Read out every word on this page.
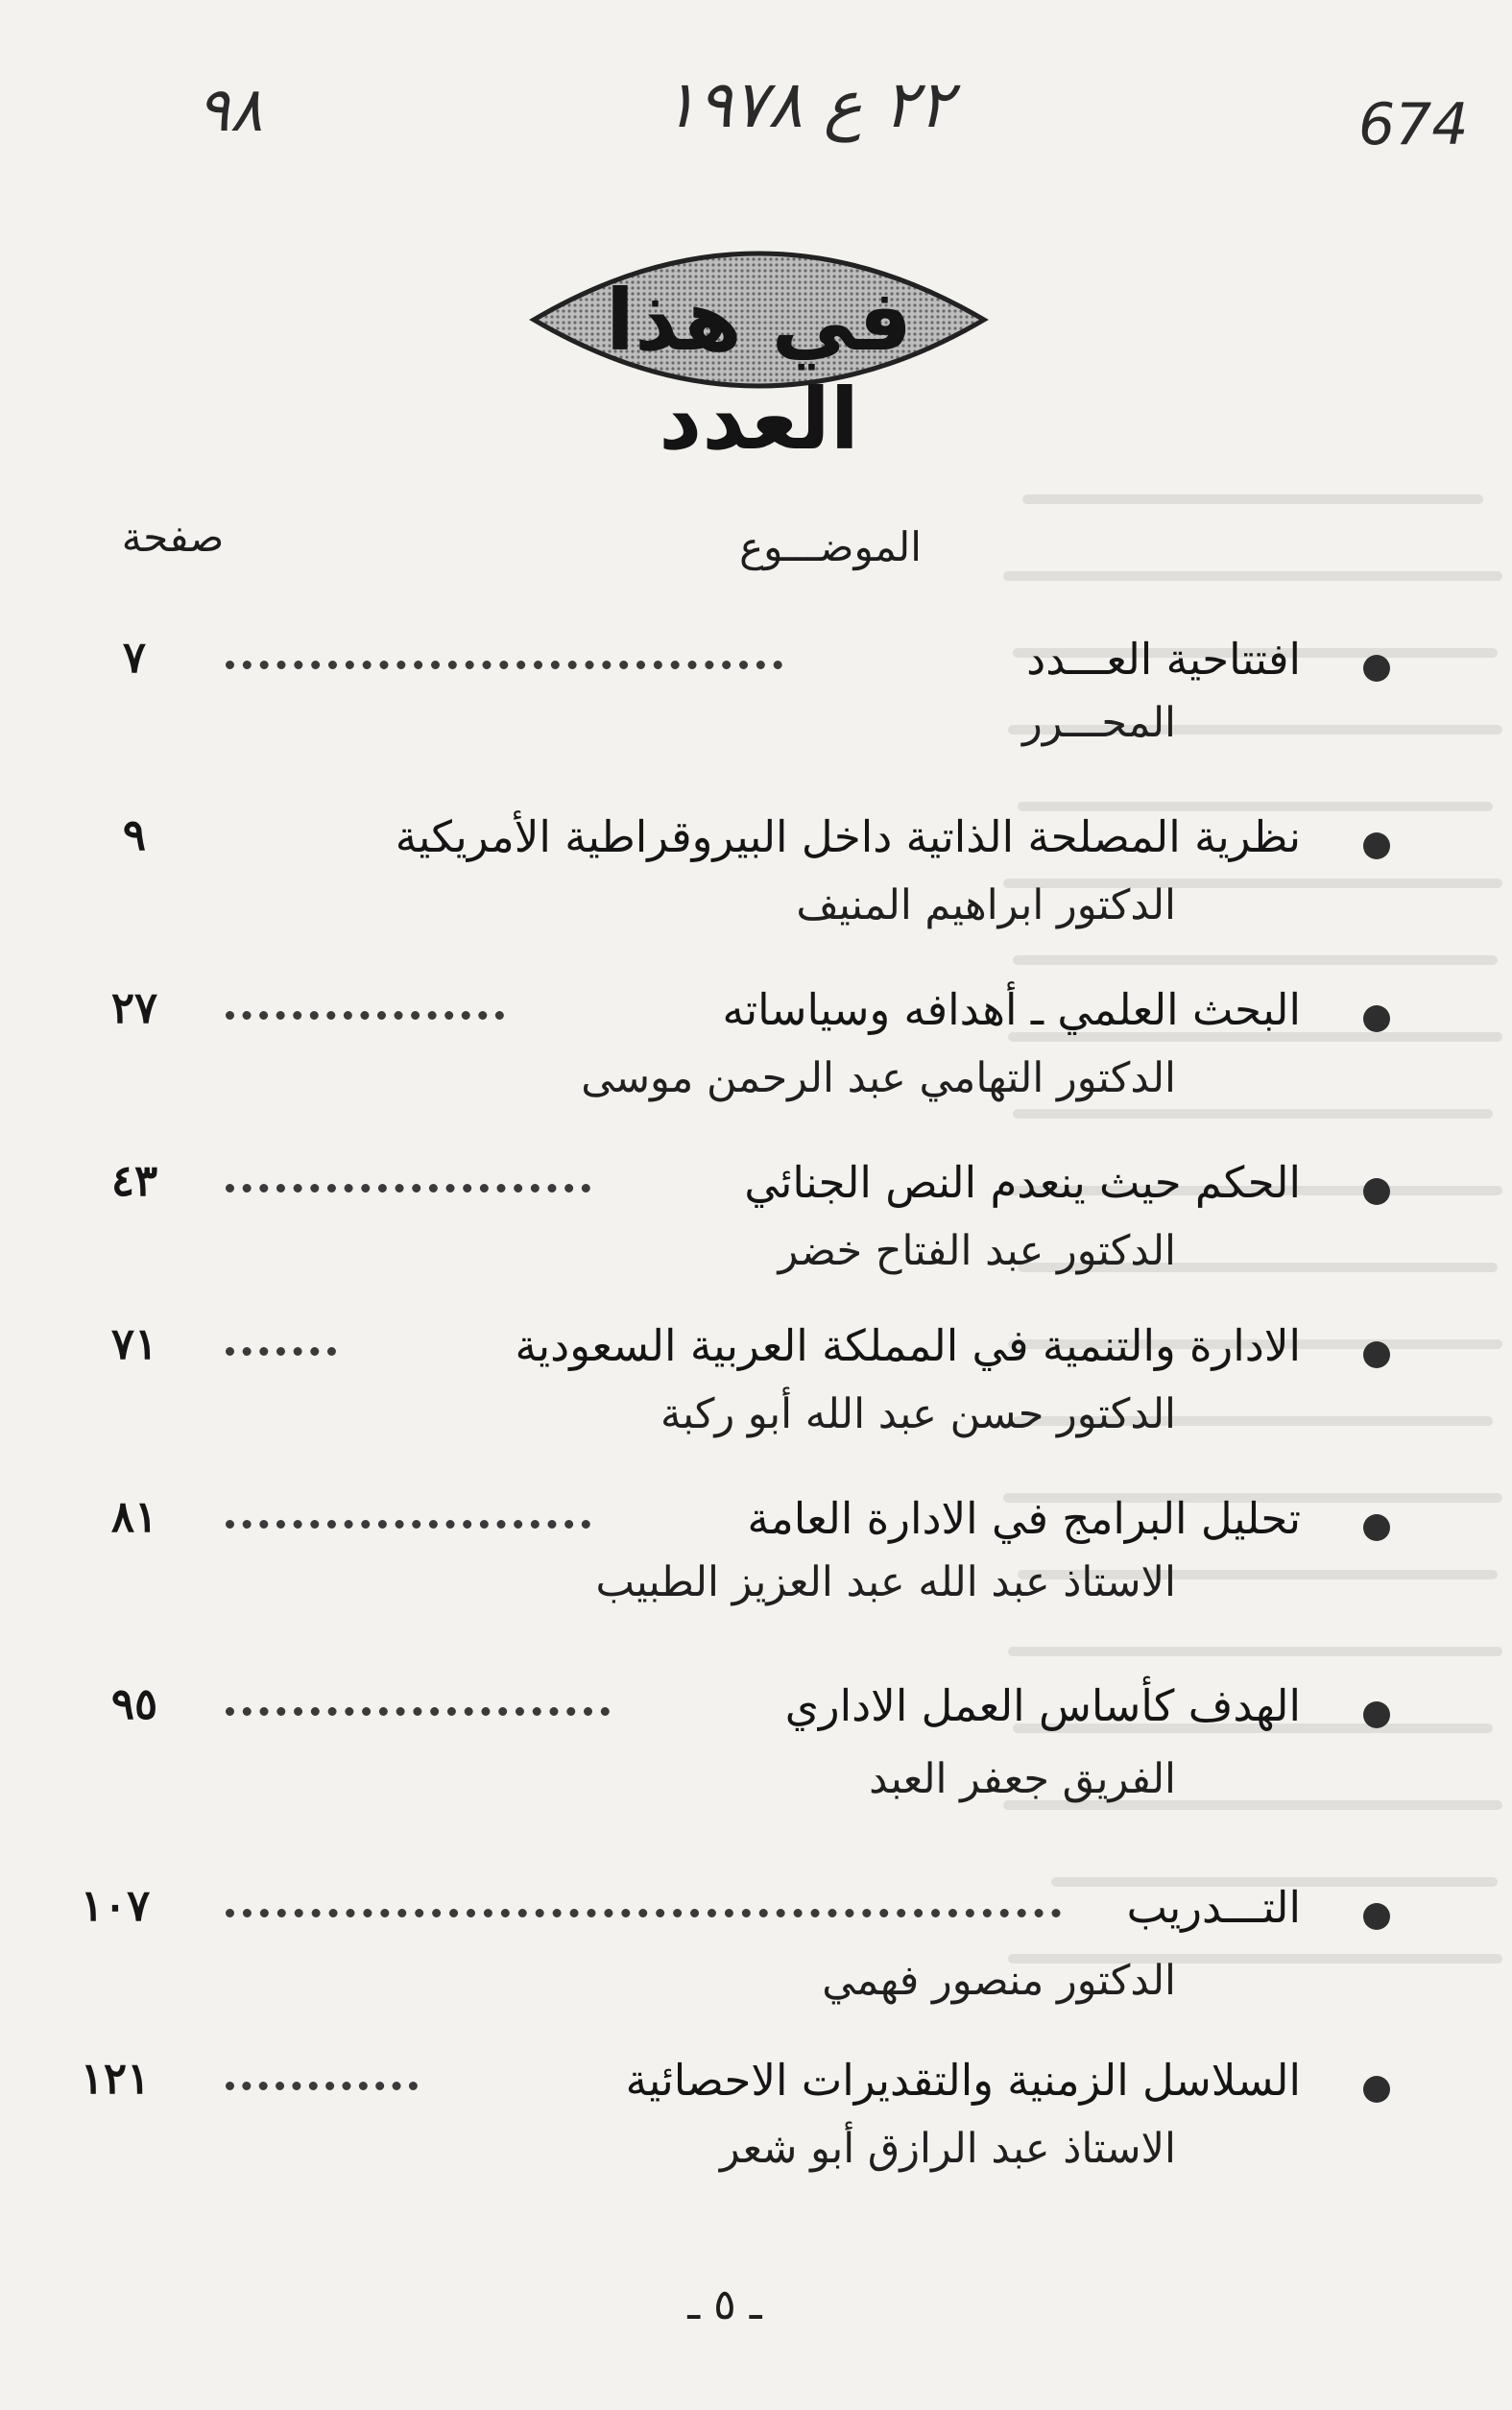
٩٨	٢٢ ع ١٩٧٨	674
في هذا العدد
الموضـــوع
صفحة
افتتاحية العـــدد
٧
المحـــرر
نظرية المصلحة الذاتية داخل البيروقراطية الأمريكية
٩
الدكتور ابراهيم المنيف
البحث العلمي ـ أهدافه وسياساته
٢٧
الدكتور التهامي عبد الرحمن موسى
الحكم حيث ينعدم النص الجنائي
٤٣
الدكتور عبد الفتاح خضر
الادارة والتنمية في المملكة العربية السعودية
٧١
الدكتور حسن عبد الله أبو ركبة
تحليل البرامج في الادارة العامة
٨١
الاستاذ عبد الله عبد العزيز الطبيب
الهدف كأساس العمل الاداري
٩٥
الفريق جعفر العبد
التـــدريب
١٠٧
الدكتور منصور فهمي
السلاسل الزمنية والتقديرات الاحصائية
١٢١
الاستاذ عبد الرازق أبو شعر
ـ ٥ ـ
